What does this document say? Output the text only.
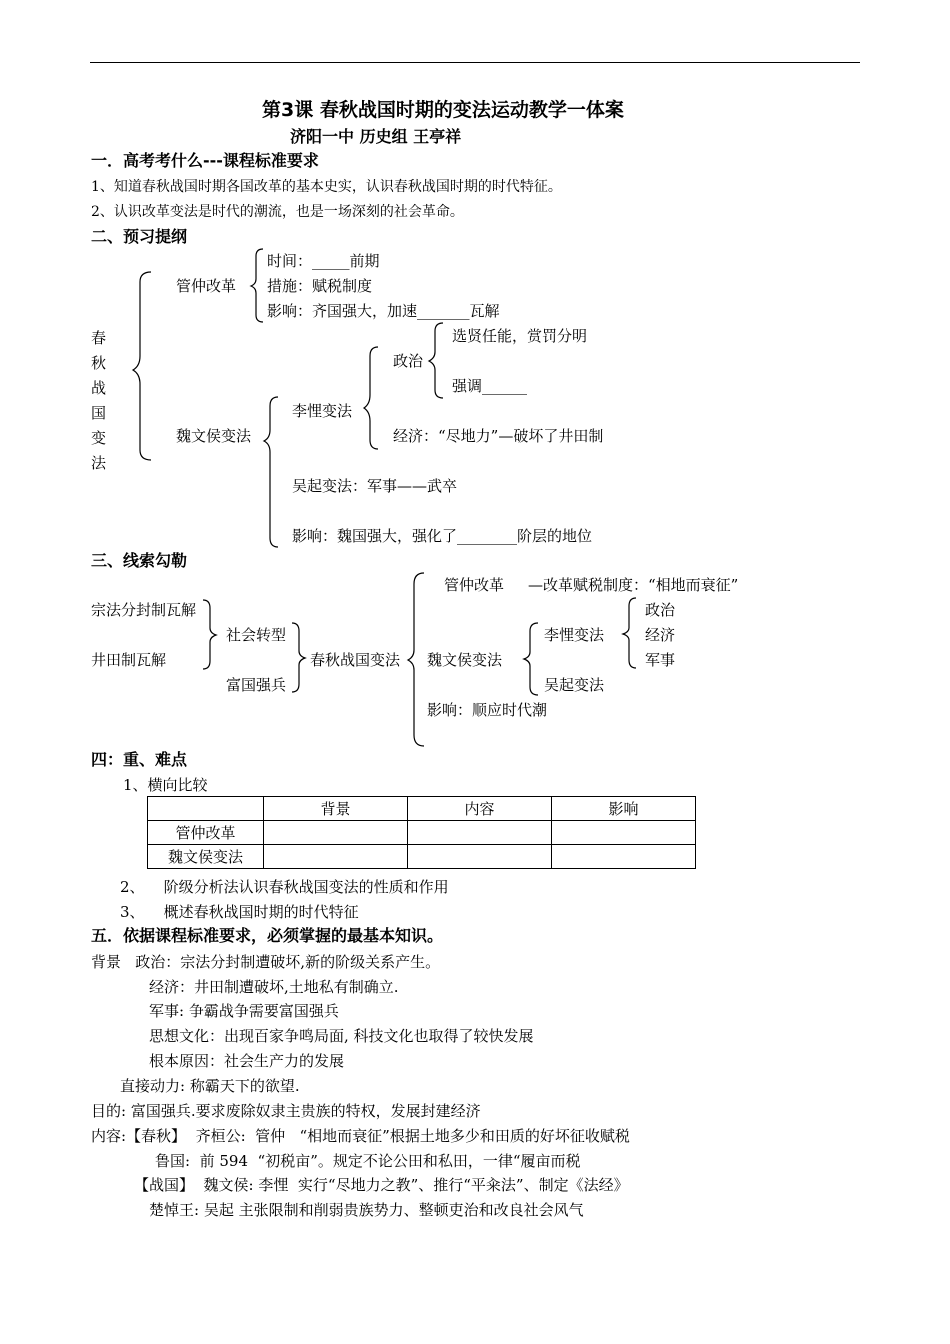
第3课 春秋战国时期的变法运动教学一体案
济阳一中 历史组 王亭祥
一．高考考什么---课程标准要求
1、知道春秋战国时期各国改革的基本史实，认识春秋战国时期的时代特征。
2、认识改革变法是时代的潮流，也是一场深刻的社会革命。
二、预习提纲
春秋战国变法
管仲改革
时间：_____前期
措施：赋税制度
影响：齐国强大，加速_______瓦解
魏文侯变法
李悝变法
政治
选贤任能，赏罚分明
强调______
经济：“尽地力”—破坏了井田制
吴起变法：军事——武卒
影响：魏国强大，强化了________阶层的地位
三、线索勾勒
宗法分封制瓦解
井田制瓦解
社会转型
富国强兵
春秋战国变法
管仲改革 —改革赋税制度：“相地而衰征”
魏文侯变法
李悝变法
吴起变法
政治
经济
军事
影响：顺应时代潮
四：重、难点
1、横向比较
	背景	内容	影响
管仲改革			
魏文侯变法			
2、    阶级分析法认识春秋战国变法的性质和作用
3、    概述春秋战国时期的时代特征
五．依据课程标准要求，必须掌握的最基本知识。
背景   政治：宗法分封制遭破坏,新的阶级关系产生。
经济：井田制遭破坏,土地私有制确立.
军事: 争霸战争需要富国强兵
思想文化：出现百家争鸣局面, 科技文化也取得了较快发展
根本原因：社会生产力的发展
直接动力: 称霸天下的欲望.
目的: 富国强兵.要求废除奴隶主贵族的特权，发展封建经济
内容:【春秋】  齐桓公:  管仲   “相地而衰征”根据土地多少和田质的好坏征收赋税
鲁国:  前 594  “初税亩”。规定不论公田和私田，一律“履亩而税
【战国】  魏文侯: 李悝  实行“尽地力之教”、推行“平籴法”、制定《法经》
楚悼王: 吴起 主张限制和削弱贵族势力、整顿吏治和改良社会风气
